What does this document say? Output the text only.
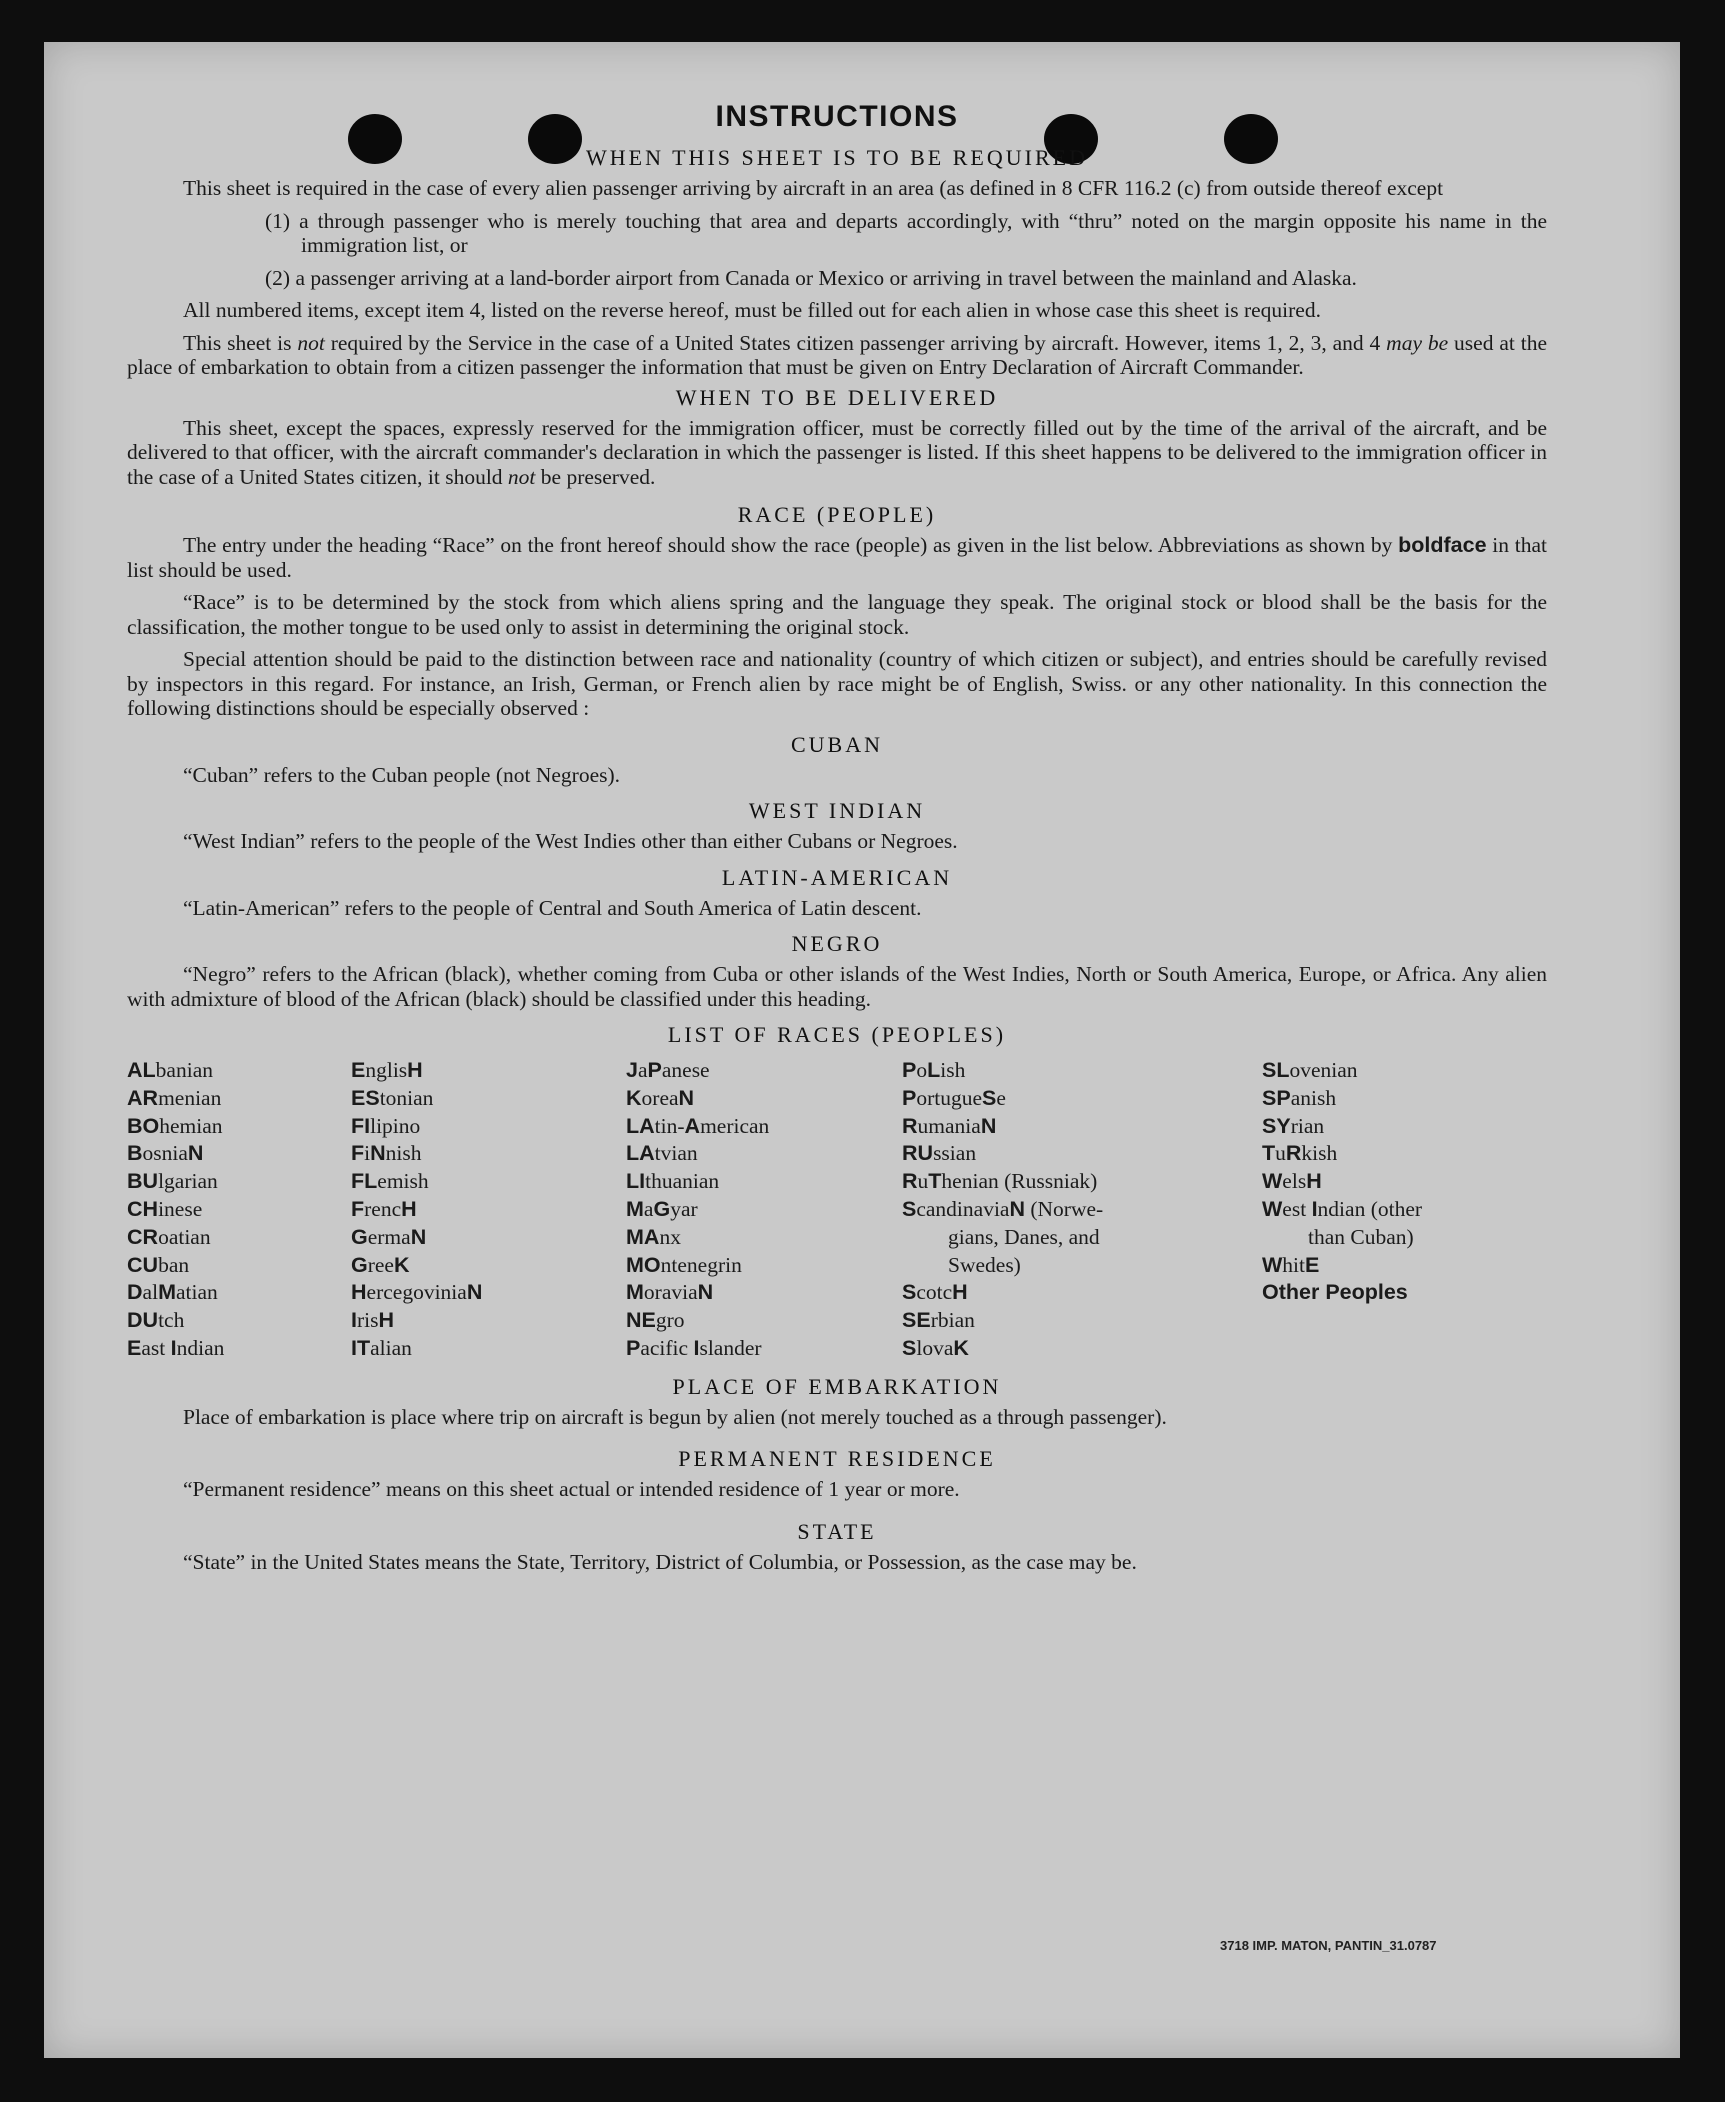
INSTRUCTIONS
WHEN THIS SHEET IS TO BE REQUIRED

This sheet is required in the case of every alien passenger arriving by aircraft in an area (as defined in 8 CFR 116.2 (c) from outside thereof except

(1) a through passenger who is merely touching that area and departs accordingly, with “thru” noted on the margin opposite his name in the immigration list, or

(2) a passenger arriving at a land-border airport from Canada or Mexico or arriving in travel between the mainland and Alaska.

All numbered items, except item 4, listed on the reverse hereof, must be filled out for each alien in whose case this sheet is required.

This sheet is not required by the Service in the case of a United States citizen passenger arriving by aircraft. However, items 1, 2, 3, and 4 may be used at the place of embarkation to obtain from a citizen passenger the information that must be given on Entry Declaration of Aircraft Commander.

WHEN TO BE DELIVERED

This sheet, except the spaces, expressly reserved for the immigration officer, must be correctly filled out by the time of the arrival of the aircraft, and be delivered to that officer, with the aircraft commander's declaration in which the passenger is listed. If this sheet happens to be delivered to the immigration officer in the case of a United States citizen, it should not be preserved.

RACE (PEOPLE)

The entry under the heading “Race” on the front hereof should show the race (people) as given in the list below. Abbreviations as shown by boldface in that list should be used.

“Race” is to be determined by the stock from which aliens spring and the language they speak. The original stock or blood shall be the basis for the classification, the mother tongue to be used only to assist in determining the original stock.

Special attention should be paid to the distinction between race and nationality (country of which citizen or subject), and entries should be carefully revised by inspectors in this regard. For instance, an Irish, German, or French alien by race might be of English, Swiss. or any other nationality. In this connection the following distinctions should be especially observed :

CUBAN

“Cuban” refers to the Cuban people (not Negroes).

WEST INDIAN

“West Indian” refers to the people of the West Indies other than either Cubans or Negroes.

LATIN-AMERICAN

“Latin-American” refers to the people of Central and South America of Latin descent.

NEGRO

“Negro” refers to the African (black), whether coming from Cuba or other islands of the West Indies, North or South America, Europe, or Africa. Any alien with admixture of blood of the African (black) should be classified under this heading.

LIST OF RACES (PEOPLES)
ALbanian
ARmenian
BOhemian
BosniaN
BUlgarian
CHinese
CRoatian
CUban
DalMatian
DUtch
East Indian
EnglisH
EStonian
FIlipino
FiNnish
FLemish
FrencH
GermaN
GreeK
HercegoviniaN
IrisH
ITalian
JaPanese
KoreaN
LAtin-American
LAtvian
LIthuanian
MaGyar
MAnx
MOntenegrin
MoraviaN
NEgro
Pacific Islander
PoLish
PortugueSe
RumaniaN
RUssian
RuThenian (Russniak)
ScandinaviaN (Norwe-
gians, Danes, and
Swedes)
ScotcH
SErbian
SlovaK
SLovenian
SPanish
SYrian
TuRkish
WelsH
West Indian (other
than Cuban)
WhitE
Other Peoples
PLACE OF EMBARKATION

Place of embarkation is place where trip on aircraft is begun by alien (not merely touched as a through passenger).

PERMANENT RESIDENCE

“Permanent residence” means on this sheet actual or intended residence of 1 year or more.

STATE

“State” in the United States means the State, Territory, District of Columbia, or Possession, as the case may be.

3718 IMP. MATON, PANTIN_31.0787
